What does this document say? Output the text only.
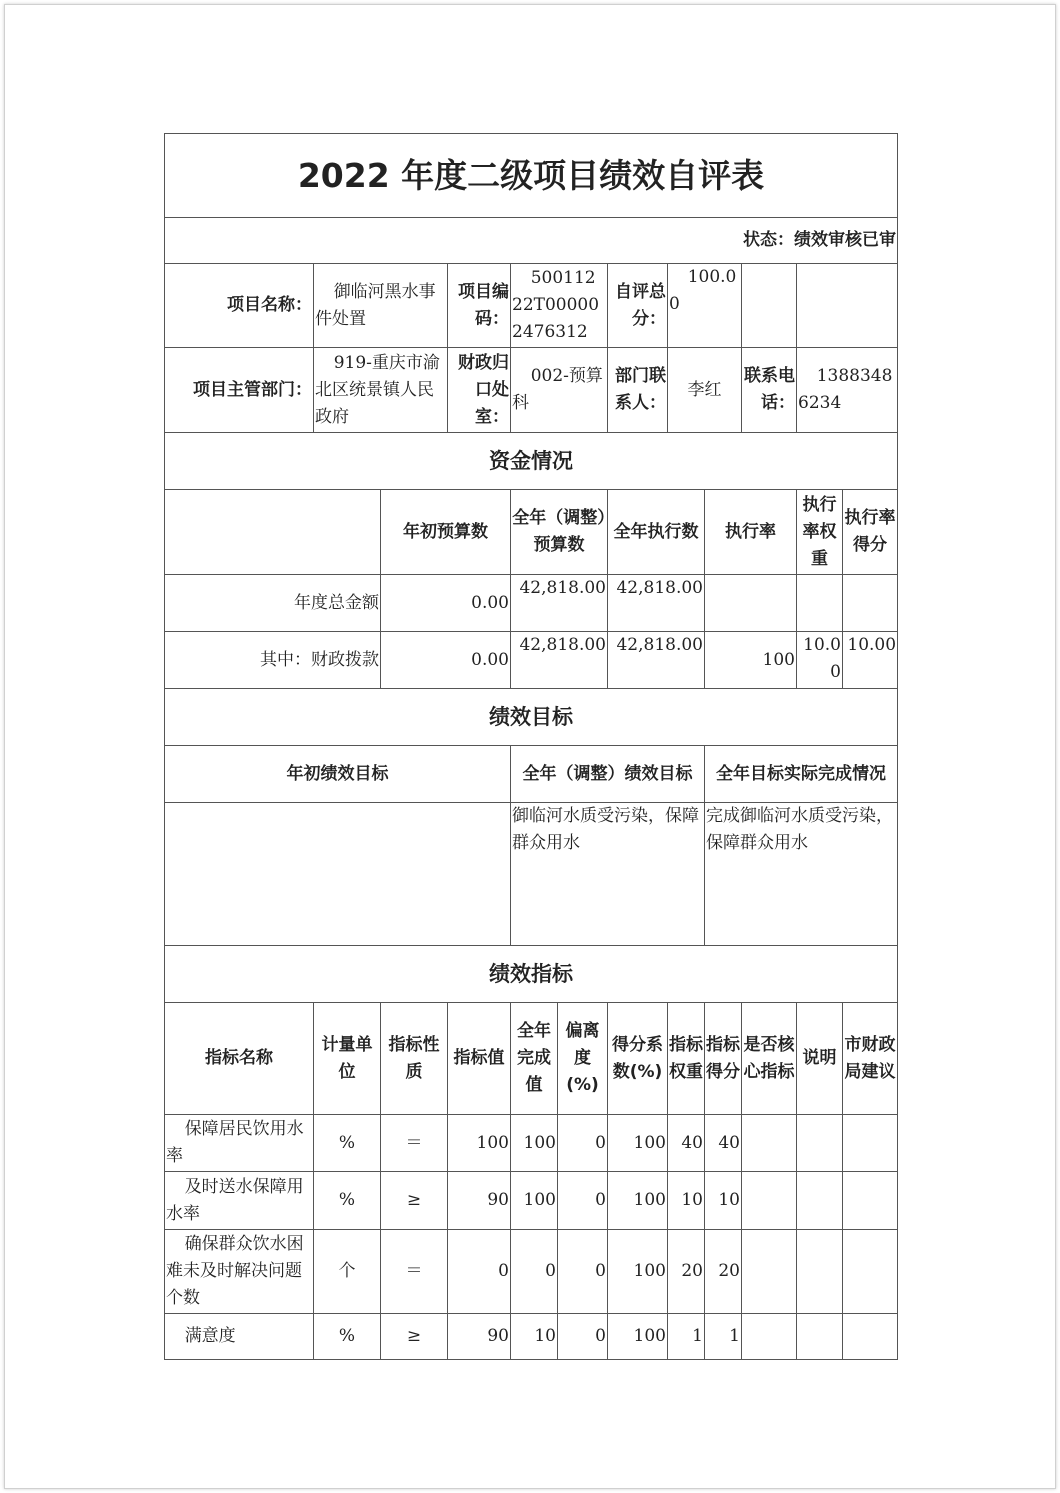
2022 年度二级项目绩效自评表
状态：绩效审核已审
项目名称：	御临河黑水事件处置	项目编码：	50011222T000002476312	自评总分：	100.00		
项目主管部门：	919-重庆市渝北区统景镇人民政府	财政归口处室：	002-预算科	部门联系人：	李红	联系电话：	13883486234
资金情况						
	年初预算数	全年（调整）预算数	全年执行数	执行率	执行率权重	执行率得分
年度总金额	0.00	42,818.00	42,818.00			
其中：财政拨款	0.00	42,818.00	42,818.00	100	10.00	10.00
绩效目标		
年初绩效目标	全年（调整）绩效目标	全年目标实际完成情况
	御临河水质受污染，保障群众用水	完成御临河水质受污染，保障群众用水
绩效指标											
指标名称	计量单位	指标性质	指标值	全年完成值	偏离度(%)	得分系数(%)	指标权重	指标得分	是否核心指标	说明	市财政局建议
保障居民饮用水率	%	＝	100	100	0	100	40	40			
及时送水保障用水率	%	≥	90	100	0	100	10	10			
确保群众饮水困难未及时解决问题个数	个	＝	0	0	0	100	20	20			
满意度	%	≥	90	10	0	100	1	1			
